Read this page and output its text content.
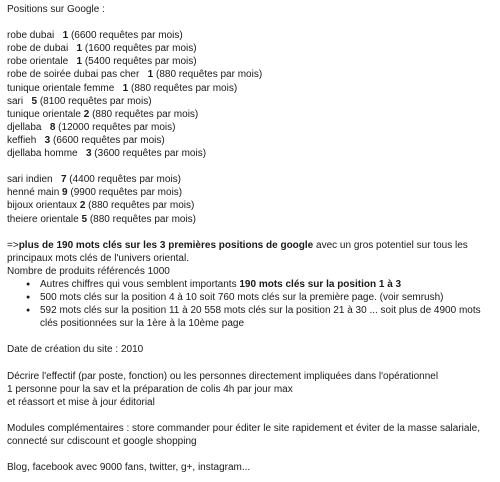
Positions sur Google :
robe dubai 1 (6600 requêtes par mois)
robe de dubai 1 (1600 requêtes par mois)
robe orientale 1 (5400 requêtes par mois)
robe de soirée dubai pas cher 1 (880 requêtes par mois)
tunique orientale femme 1 (880 requêtes par mois)
sari 5 (8100 requêtes par mois)
tunique orientale 2 (880 requêtes par mois)
djellaba 8 (12000 requêtes par mois)
keffieh 3 (6600 requêtes par mois)
djellaba homme 3 (3600 requêtes par mois)
sari indien 7 (4400 requêtes par mois)
henné main 9 (9900 requêtes par mois)
bijoux orientaux 2 (880 requêtes par mois)
theiere orientale 5 (880 requêtes par mois)
=>plus de 190 mots clés sur les 3 premières positions de google avec un gros potentiel sur tous les principaux mots clés de l'univers oriental.
Nombre de produits référencés 1000
● Autres chiffres qui vous semblent importants 190 mots clés sur la position 1 à 3
● 500 mots clés sur la position 4 à 10 soit 760 mots clés sur la première page. (voir semrush)
● 592 mots clés sur la position 11 à 20 558 mots clés sur la position 21 à 30 ... soit plus de 4900 mots clés positionnées sur la 1ère à la 10ème page
Date de création du site : 2010
Décrire l'effectif (par poste, fonction) ou les personnes directement impliquées dans l'opérationnel
1 personne pour la sav et la préparation de colis 4h par jour max
et réassort et mise à jour éditorial
Modules complémentaires : store commander pour éditer le site rapidement et éviter de la masse salariale, connecté sur cdiscount et google shopping
Blog, facebook avec 9000 fans, twitter, g+, instagram...
